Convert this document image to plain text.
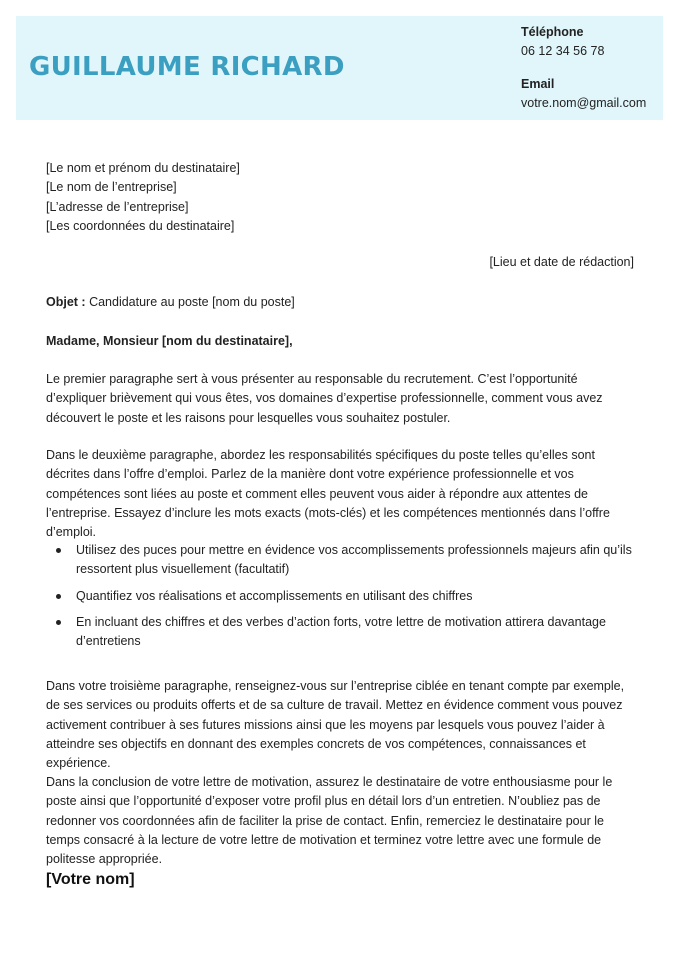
GUILLAUME RICHARD
Téléphone
06 12 34 56 78
Email
votre.nom@gmail.com
[Le nom et prénom du destinataire]
[Le nom de l’entreprise]
[L’adresse de l’entreprise]
[Les coordonnées du destinataire]
[Lieu et date de rédaction]
Objet : Candidature au poste [nom du poste]
Madame, Monsieur [nom du destinataire],
Le premier paragraphe sert à vous présenter au responsable du recrutement. C’est l’opportunité d’expliquer brièvement qui vous êtes, vos domaines d’expertise professionnelle, comment vous avez découvert le poste et les raisons pour lesquelles vous souhaitez postuler.
Dans le deuxième paragraphe, abordez les responsabilités spécifiques du poste telles qu’elles sont décrites dans l’offre d’emploi. Parlez de la manière dont votre expérience professionnelle et vos compétences sont liées au poste et comment elles peuvent vous aider à répondre aux attentes de l’entreprise. Essayez d’inclure les mots exacts (mots-clés) et les compétences mentionnés dans l’offre d’emploi.
Utilisez des puces pour mettre en évidence vos accomplissements professionnels majeurs afin qu’ils ressortent plus visuellement (facultatif)
Quantifiez vos réalisations et accomplissements en utilisant des chiffres
En incluant des chiffres et des verbes d’action forts, votre lettre de motivation attirera davantage d’entretiens
Dans votre troisième paragraphe, renseignez-vous sur l’entreprise ciblée en tenant compte par exemple, de ses services ou produits offerts et de sa culture de travail. Mettez en évidence comment vous pouvez activement contribuer à ses futures missions ainsi que les moyens par lesquels vous pouvez l’aider à atteindre ses objectifs en donnant des exemples concrets de vos compétences, connaissances et expérience.
Dans la conclusion de votre lettre de motivation, assurez le destinataire de votre enthousiasme pour le poste ainsi que l’opportunité d’exposer votre profil plus en détail lors d’un entretien. N’oubliez pas de redonner vos coordonnées afin de faciliter la prise de contact. Enfin, remerciez le destinataire pour le temps consacré à la lecture de votre lettre de motivation et terminez votre lettre avec une formule de politesse appropriée.
[Votre nom]
